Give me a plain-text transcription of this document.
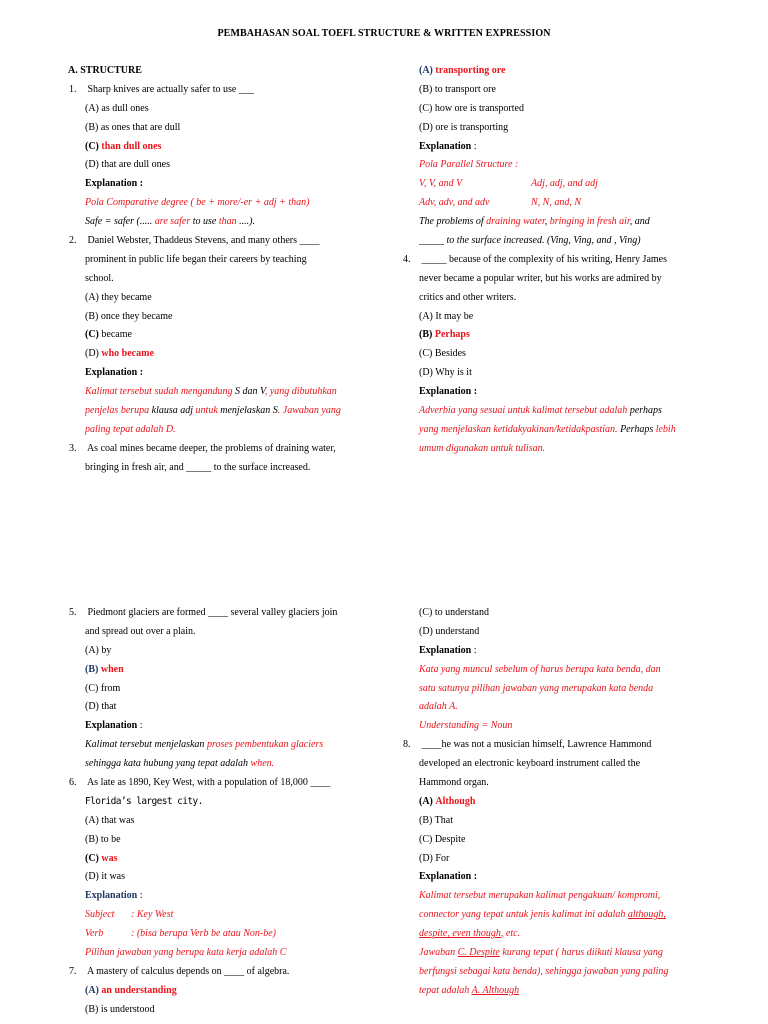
PEMBAHASAN SOAL TOEFL STRUCTURE & WRITTEN EXPRESSION
A. STRUCTURE
1. Sharp knives are actually safer to use ___
(A) as dull ones
(B) as ones that are dull
(C) than dull ones
(D) that are dull ones
Explanation :
Pola Comparative degree ( be + more/-er + adj + than)
Safe = safer (..... are safer to use than ....).
2. Daniel Webster, Thaddeus Stevens, and many others ____
prominent in public life began their careers by teaching
school.
(A) they became
(B) once they became
(C) became
(D) who became
Explanation :
Kalimat tersebut sudah mengandung S dan V, yang dibutuhkan
penjelas berupa klausa adj untuk menjelaskan S. Jawaban yang
paling tepat adalah D.
3. As coal mines became deeper, the problems of draining water,
bringing in fresh air, and _____ to the surface increased.
(A) transporting ore
(B) to transport ore
(C) how ore is transported
(D) ore is transporting
Explanation :
Pola Parallel Structure :
V, V, and V	Adj, adj, and adj
Adv, adv, and adv	N, N, and, N
The problems of draining water, bringing in fresh air, and
_____ to the surface increased. (Ving, Ving, and , Ving)
4. _____ because of the complexity of his writing, Henry James
never became a popular writer, but his works are admired by
critics and other writers.
(A) It may be
(B) Perhaps
(C) Besides
(D) Why is it
Explanation :
Adverbia yang sesuai untuk kalimat tersebut adalah perhaps
yang menjelaskan ketidakyakinan/ketidakpastian. Perhaps lebih
umum digunakan untuk tulisan.
5. Piedmont glaciers are formed ____ several valley glaciers join
and spread out over a plain.
(A) by
(B) when
(C) from
(D) that
Explanation :
Kalimat tersebut menjelaskan proses pembentukan glaciers
sehingga kata hubung yang tepat adalah when.
6. As late as 1890, Key West, with a population of 18,000 ____
Florida’s largest city.
(A) that was
(B) to be
(C) was
(D) it was
Explanation :
Subject : Key West
Verb	: (bisa berupa Verb be atau Non-be)
Pilihan jawaban yang berupa kata kerja adalah C
7. A mastery of calculus depends on ____ of algebra.
(A) an understanding
(B) is understood
(C) to understand
(D) understand
Explanation :
Kata yang muncul sebelum of harus berupa kata benda, dan
satu satunya pilihan jawaban yang merupakan kata benda
adalah A.
Understanding = Noun
8. ____he was not a musician himself, Lawrence Hammond
developed an electronic keyboard instrument called the
Hammond organ.
(A) Although
(B) That
(C) Despite
(D) For
Explanation :
Kalimat tersebut merupakan kalimat pengakuan/ kompromi,
connector yang tepat untuk jenis kalimat ini adalah although,
despite, even though, etc.
Jawaban C. Despite kurang tepat ( harus diikuti klausa yang
berfungsi sebagai kata benda), sehingga jawaban yang paling
tepat adalah A. Although
